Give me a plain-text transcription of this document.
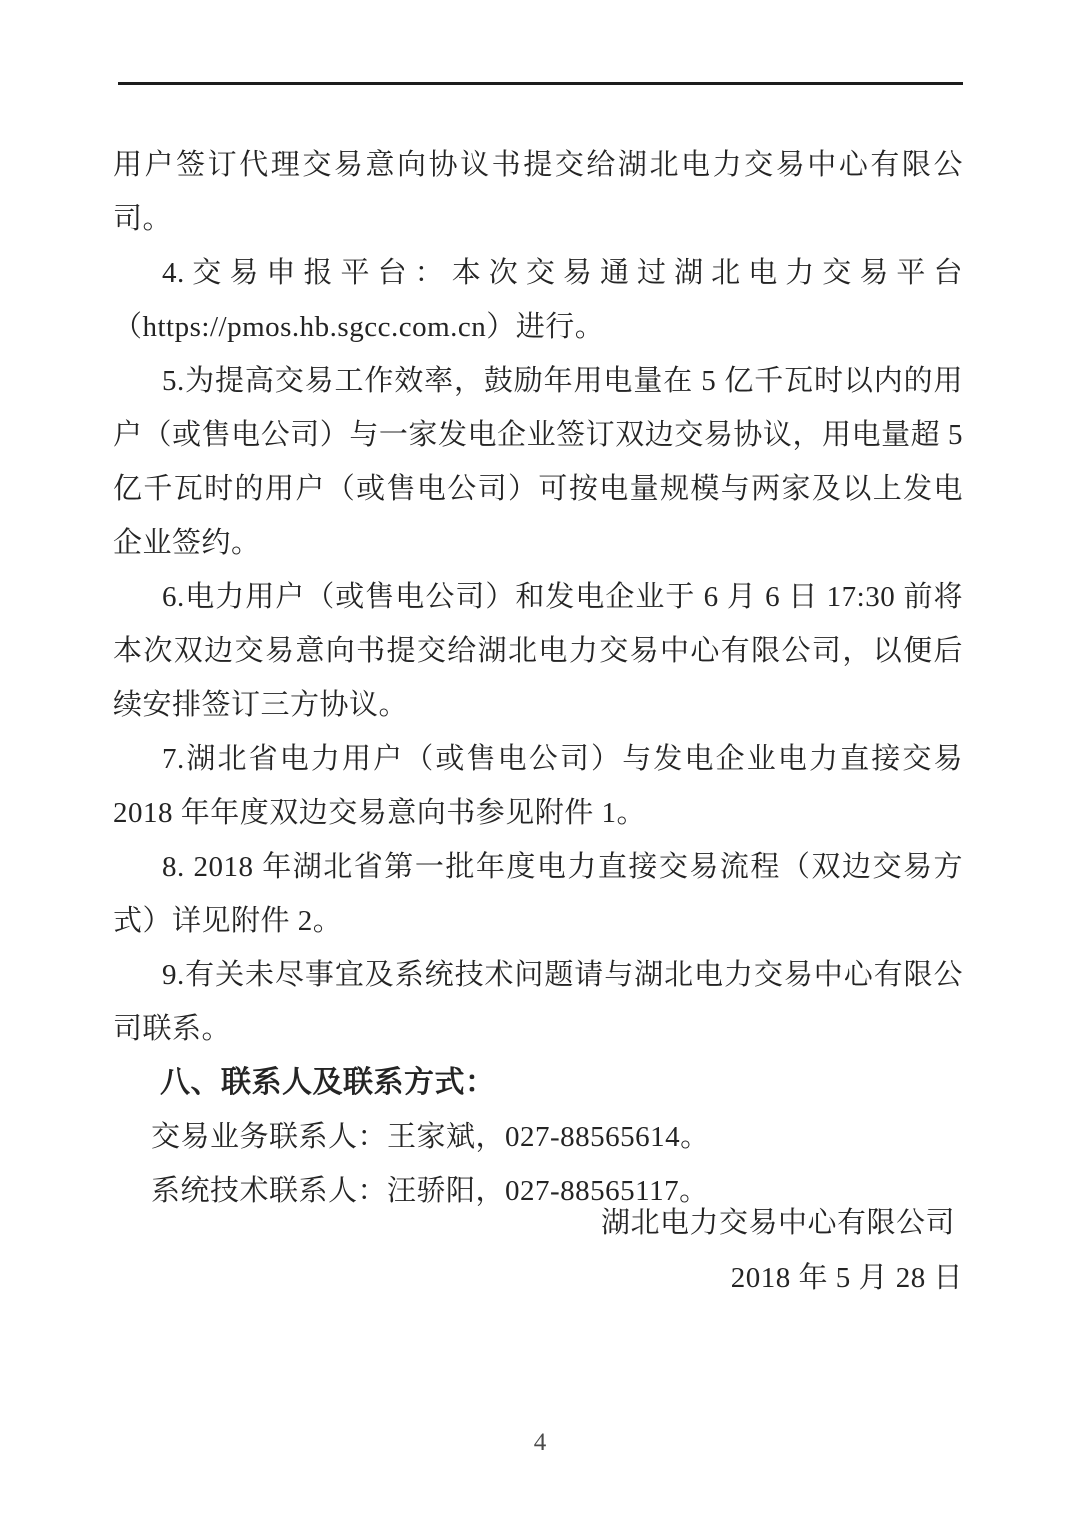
用户签订代理交易意向协议书提交给湖北电力交易中心有限公司。

4.交易申报平台：本次交易通过湖北电力交易平台（https://pmos.hb.sgcc.com.cn）进行。

5.为提高交易工作效率，鼓励年用电量在 5 亿千瓦时以内的用户（或售电公司）与一家发电企业签订双边交易协议，用电量超 5 亿千瓦时的用户（或售电公司）可按电量规模与两家及以上发电企业签约。

6.电力用户（或售电公司）和发电企业于 6 月 6 日 17:30 前将本次双边交易意向书提交给湖北电力交易中心有限公司，以便后续安排签订三方协议。

7.湖北省电力用户（或售电公司）与发电企业电力直接交易 2018 年年度双边交易意向书参见附件 1。

8. 2018 年湖北省第一批年度电力直接交易流程（双边交易方式）详见附件 2。

9.有关未尽事宜及系统技术问题请与湖北电力交易中心有限公司联系。

八、联系人及联系方式：

交易业务联系人：王家斌，027-88565614。

系统技术联系人：汪骄阳，027-88565117。

湖北电力交易中心有限公司
2018 年 5 月 28 日
4
